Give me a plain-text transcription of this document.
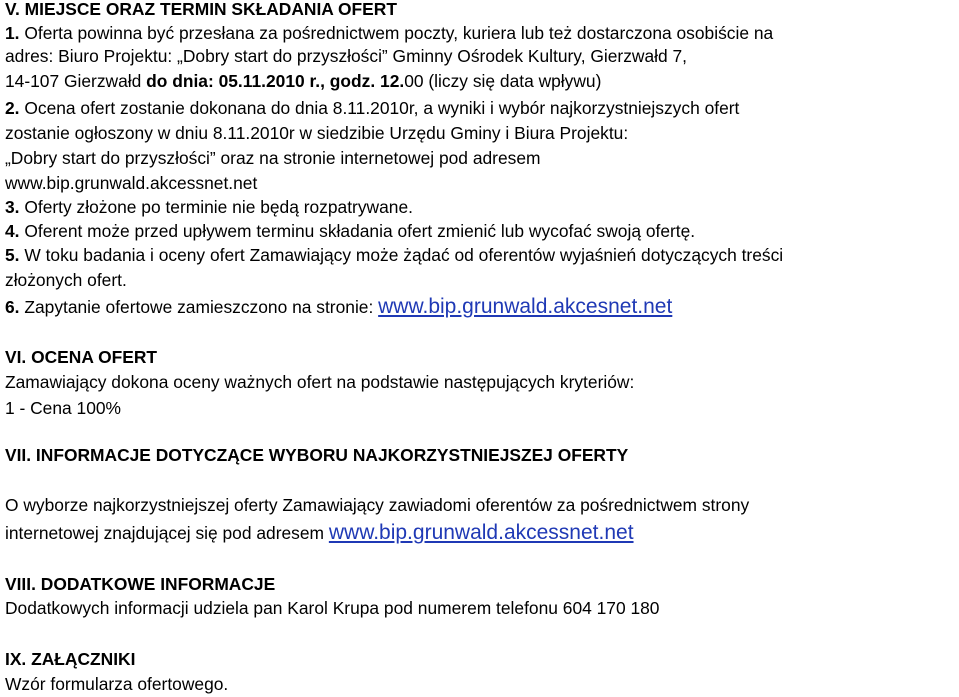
V. MIEJSCE ORAZ TERMIN SKŁADANIA OFERT
1. Oferta powinna być przesłana za pośrednictwem poczty, kuriera lub też dostarczona osobiście na
adres: Biuro Projektu: „Dobry start do przyszłości” Gminny Ośrodek Kultury, Gierzwałd 7,
14-107 Gierzwałd do dnia: 05.11.2010 r., godz. 12.00 (liczy się data wpływu)
2. Ocena ofert zostanie dokonana do dnia 8.11.2010r, a wyniki i wybór najkorzystniejszych ofert
zostanie ogłoszony w dniu 8.11.2010r w siedzibie Urzędu Gminy i Biura Projektu:
„Dobry start do przyszłości” oraz na stronie internetowej pod adresem
www.bip.grunwald.akcessnet.net
3. Oferty złożone po terminie nie będą rozpatrywane.
4. Oferent może przed upływem terminu składania ofert zmienić lub wycofać swoją ofertę.
5. W toku badania i oceny ofert Zamawiający może żądać od oferentów wyjaśnień dotyczących treści
złożonych ofert.
6. Zapytanie ofertowe zamieszczono na stronie: www.bip.grunwald.akcesnet.net
VI. OCENA OFERT
Zamawiający dokona oceny ważnych ofert na podstawie następujących kryteriów:
1 - Cena 100%
VII. INFORMACJE DOTYCZĄCE WYBORU NAJKORZYSTNIEJSZEJ OFERTY
O wyborze najkorzystniejszej oferty Zamawiający zawiadomi oferentów za pośrednictwem strony
internetowej znajdującej się pod adresem www.bip.grunwald.akcessnet.net
VIII. DODATKOWE INFORMACJE
Dodatkowych informacji udziela pan Karol Krupa pod numerem telefonu 604 170 180
IX. ZAŁĄCZNIKI
Wzór formularza ofertowego.
